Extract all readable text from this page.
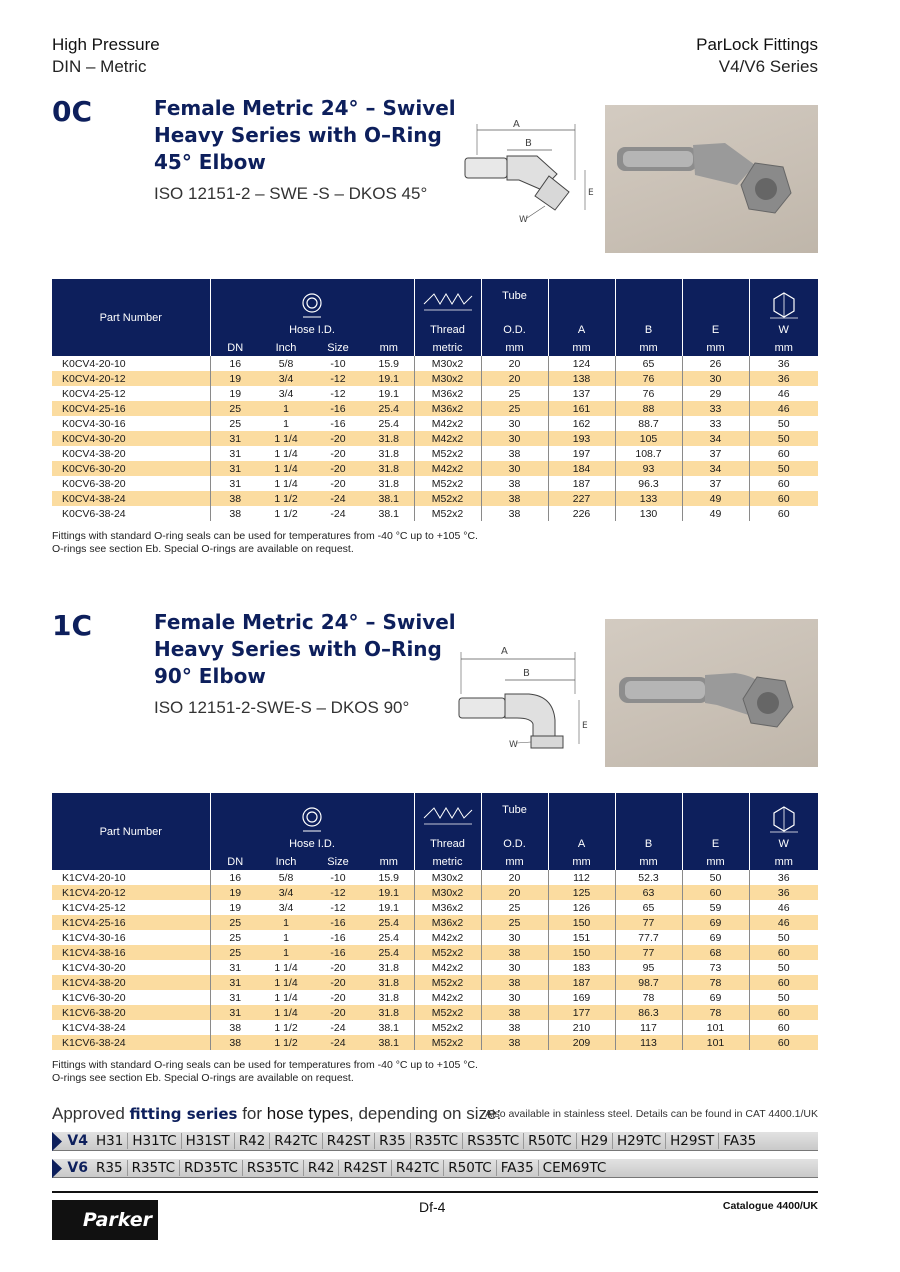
High Pressure
DIN – Metric
ParLock Fittings
V4/V6 Series
0C	Female Metric 24° – Swivel
Heavy Series with O–Ring
45° Elbow
ISO 12151-2 – SWE -S – DKOS 45°
A
B
E
W
Part Number	Hose I.D.				Thread	Tube
O.D.	A	B	E	W
	DN	Inch	Size	mm	metric	mm	mm	mm	mm	mm
K0CV4-20-10	16	5/8	-10	15.9	M30x2	20	124	65	26	36
K0CV4-20-12	19	3/4	-12	19.1	M30x2	20	138	76	30	36
K0CV4-25-12	19	3/4	-12	19.1	M36x2	25	137	76	29	46
K0CV4-25-16	25	1	-16	25.4	M36x2	25	161	88	33	46
K0CV4-30-16	25	1	-16	25.4	M42x2	30	162	88.7	33	50
K0CV4-30-20	31	1 1/4	-20	31.8	M42x2	30	193	105	34	50
K0CV4-38-20	31	1 1/4	-20	31.8	M52x2	38	197	108.7	37	60
K0CV6-30-20	31	1 1/4	-20	31.8	M42x2	30	184	93	34	50
K0CV6-38-20	31	1 1/4	-20	31.8	M52x2	38	187	96.3	37	60
K0CV4-38-24	38	1 1/2	-24	38.1	M52x2	38	227	133	49	60
K0CV6-38-24	38	1 1/2	-24	38.1	M52x2	38	226	130	49	60
Fittings with standard O-ring seals can be used for temperatures from -40 °C up to +105 °C.
O-rings see section Eb. Special O-rings are available on request.
1C	Female Metric 24° – Swivel
Heavy Series with O–Ring
90° Elbow
ISO 12151-2-SWE-S – DKOS 90°
A
B
E
W
Part Number	Hose I.D.				Thread	Tube
O.D.	A	B	E	W
	DN	Inch	Size	mm	metric	mm	mm	mm	mm	mm
K1CV4-20-10	16	5/8	-10	15.9	M30x2	20	112	52.3	50	36
K1CV4-20-12	19	3/4	-12	19.1	M30x2	20	125	63	60	36
K1CV4-25-12	19	3/4	-12	19.1	M36x2	25	126	65	59	46
K1CV4-25-16	25	1	-16	25.4	M36x2	25	150	77	69	46
K1CV4-30-16	25	1	-16	25.4	M42x2	30	151	77.7	69	50
K1CV4-38-16	25	1	-16	25.4	M52x2	38	150	77	68	60
K1CV4-30-20	31	1 1/4	-20	31.8	M42x2	30	183	95	73	50
K1CV4-38-20	31	1 1/4	-20	31.8	M52x2	38	187	98.7	78	60
K1CV6-30-20	31	1 1/4	-20	31.8	M42x2	30	169	78	69	50
K1CV6-38-20	31	1 1/4	-20	31.8	M52x2	38	177	86.3	78	60
K1CV4-38-24	38	1 1/2	-24	38.1	M52x2	38	210	117	101	60
K1CV6-38-24	38	1 1/2	-24	38.1	M52x2	38	209	113	101	60
Fittings with standard O-ring seals can be used for temperatures from -40 °C up to +105 °C.
O-rings see section Eb. Special O-rings are available on request.
Approved fitting series for hose types, depending on size:
Also available in stainless steel. Details can be found in CAT 4400.1/UK
V4 H31 H31TC H31ST R42 R42TC R42ST R35 R35TC RS35TC R50TC H29 H29TC H29ST FA35
V6 R35 R35TC RD35TC RS35TC R42 R42ST R42TC R50TC FA35 CEM69TC
Parker
Df-4	Catalogue 4400/UK
